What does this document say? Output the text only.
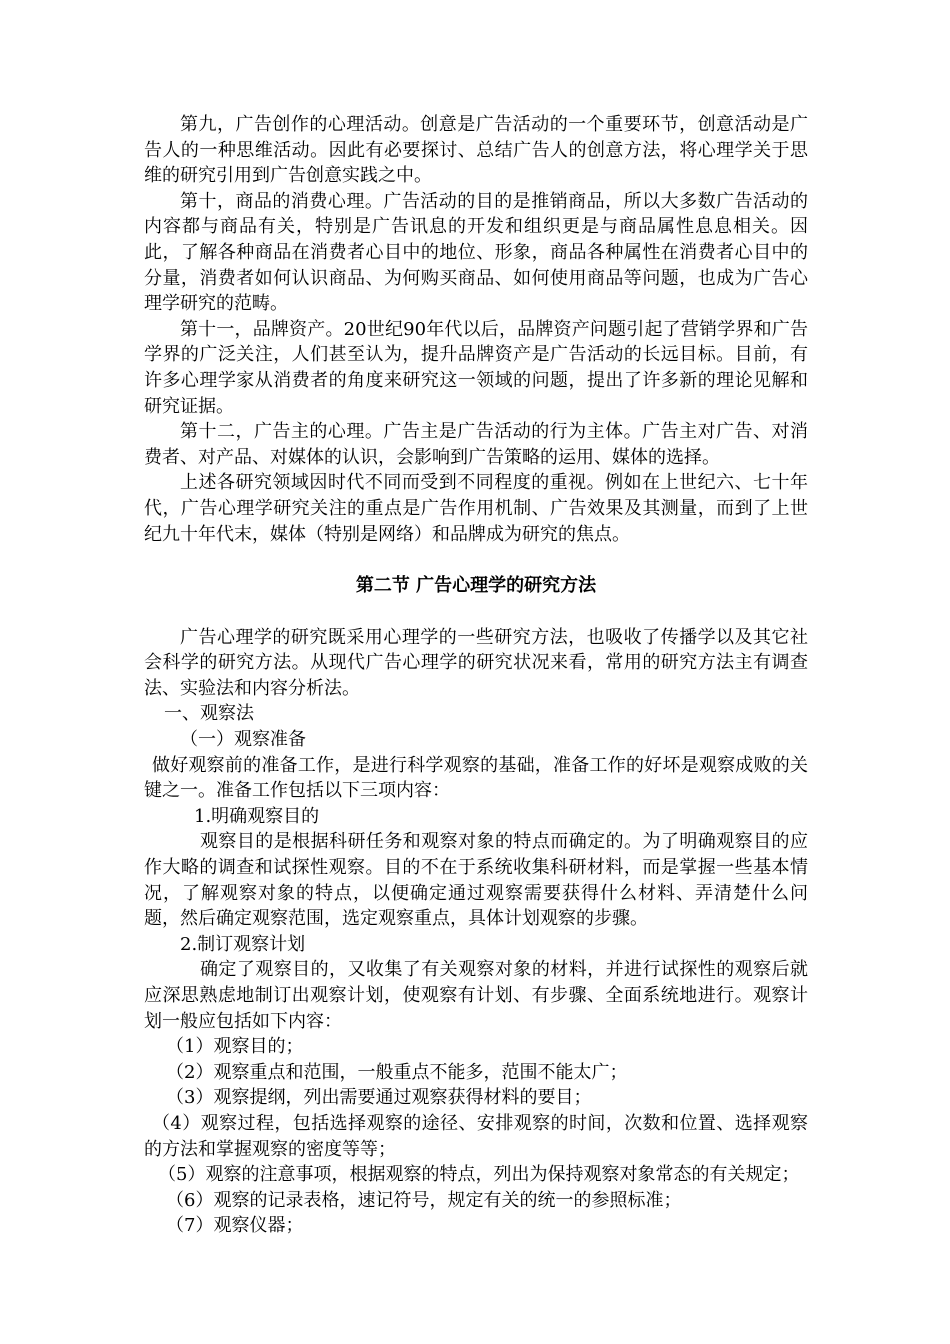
第九，广告创作的心理活动。创意是广告活动的一个重要环节，创意活动是广告人的一种思维活动。因此有必要探讨、总结广告人的创意方法，将心理学关于思维的研究引用到广告创意实践之中。

第十，商品的消费心理。广告活动的目的是推销商品，所以大多数广告活动的内容都与商品有关，特别是广告讯息的开发和组织更是与商品属性息息相关。因此，了解各种商品在消费者心目中的地位、形象，商品各种属性在消费者心目中的分量，消费者如何认识商品、为何购买商品、如何使用商品等问题，也成为广告心理学研究的范畴。

第十一，品牌资产。20世纪90年代以后，品牌资产问题引起了营销学界和广告学界的广泛关注，人们甚至认为，提升品牌资产是广告活动的长远目标。目前，有许多心理学家从消费者的角度来研究这一领域的问题，提出了许多新的理论见解和研究证据。

第十二，广告主的心理。广告主是广告活动的行为主体。广告主对广告、对消费者、对产品、对媒体的认识，会影响到广告策略的运用、媒体的选择。

上述各研究领域因时代不同而受到不同程度的重视。例如在上世纪六、七十年代，广告心理学研究关注的重点是广告作用机制、广告效果及其测量，而到了上世纪九十年代末，媒体（特别是网络）和品牌成为研究的焦点。

第二节 广告心理学的研究方法

广告心理学的研究既采用心理学的一些研究方法，也吸收了传播学以及其它社会科学的研究方法。从现代广告心理学的研究状况来看，常用的研究方法主有调查法、实验法和内容分析法。

一、观察法

（一）观察准备

做好观察前的准备工作，是进行科学观察的基础，准备工作的好坏是观察成败的关键之一。准备工作包括以下三项内容：

1.明确观察目的

观察目的是根据科研任务和观察对象的特点而确定的。为了明确观察目的应作大略的调查和试探性观察。目的不在于系统收集科研材料，而是掌握一些基本情况，了解观察对象的特点，以便确定通过观察需要获得什么材料、弄清楚什么问题，然后确定观察范围，选定观察重点，具体计划观察的步骤。

2.制订观察计划

确定了观察目的，又收集了有关观察对象的材料，并进行试探性的观察后就应深思熟虑地制订出观察计划，使观察有计划、有步骤、全面系统地进行。观察计划一般应包括如下内容：

（1）观察目的；

（2）观察重点和范围，一般重点不能多，范围不能太广；

（3）观察提纲，列出需要通过观察获得材料的要目；

（4）观察过程，包括选择观察的途径、安排观察的时间，次数和位置、选择观察的方法和掌握观察的密度等等；

（5）观察的注意事项，根据观察的特点，列出为保持观察对象常态的有关规定；

（6）观察的记录表格，速记符号，规定有关的统一的参照标准；

（7）观察仪器；
